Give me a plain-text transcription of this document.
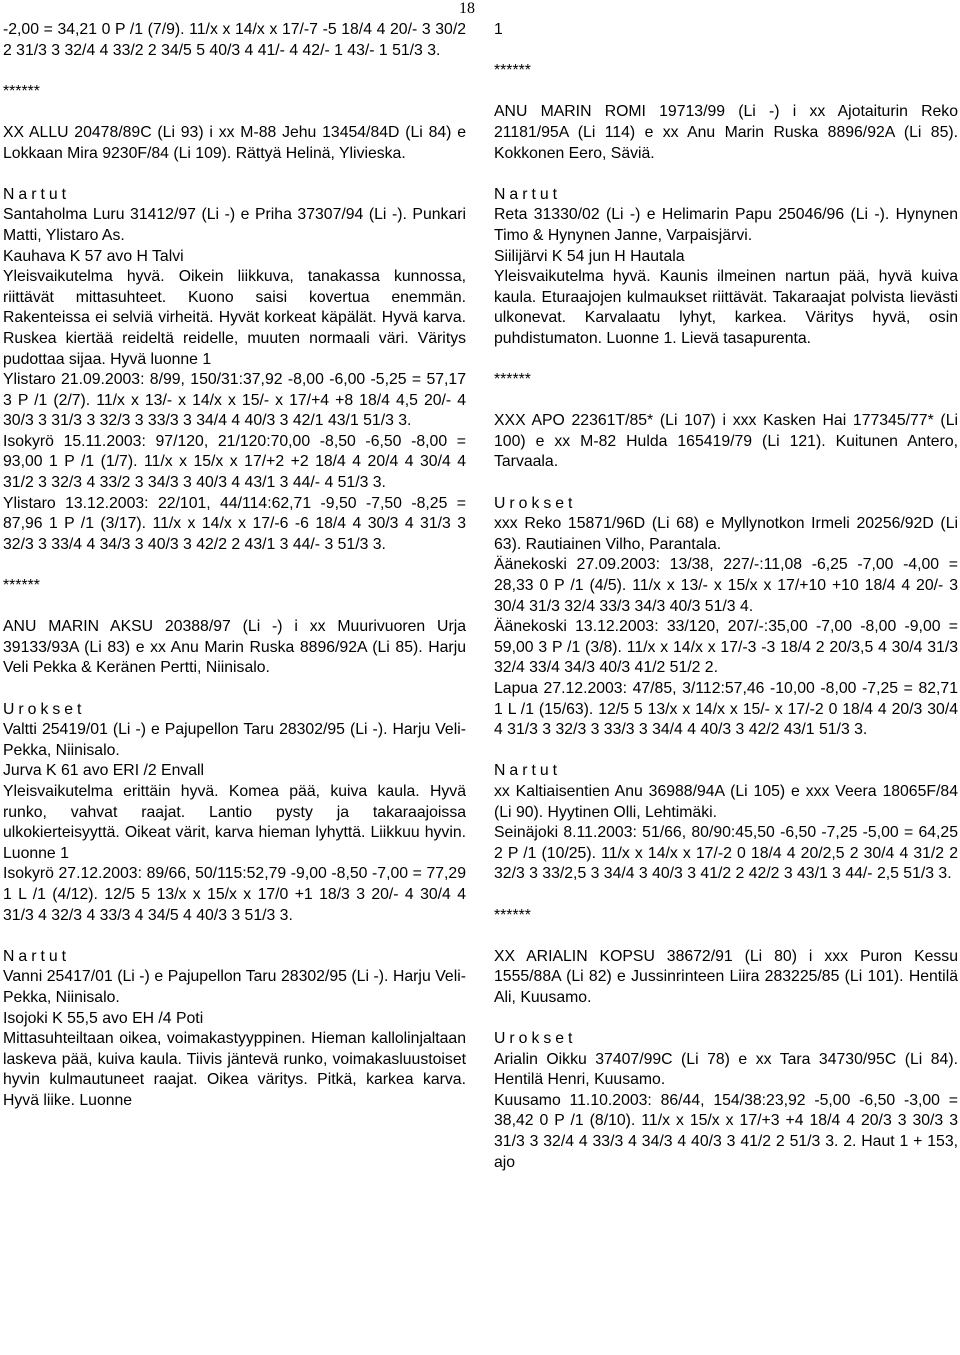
18
-2,00 = 34,21 0 P /1 (7/9). 11/x x 14/x x 17/-7 -5 18/4 4 20/- 3 30/2 2 31/3 3 32/4 4 33/2 2 34/5 5 40/3 4 41/- 4 42/- 1 43/- 1 51/3 3.
******
XX ALLU 20478/89C (Li 93) i xx M-88 Jehu 13454/84D (Li 84) e Lokkaan Mira 9230F/84 (Li 109). Rättyä Helinä, Ylivieska.
Nartut
Santaholma Luru 31412/97 (Li -) e Priha 37307/94 (Li -). Punkari Matti, Ylistaro As.
Kauhava K 57 avo H Talvi
Yleisvaikutelma hyvä. Oikein liikkuva, tanakassa kunnossa, riittävät mittasuhteet. Kuono saisi kovertua enemmän. Rakenteissa ei selviä virheitä. Hyvät korkeat käpälät. Hyvä karva. Ruskea kiertää reideltä reidelle, muuten normaali väri. Väritys pudottaa sijaa. Hyvä luonne 1
Ylistaro 21.09.2003: 8/99, 150/31:37,92 -8,00 -6,00 -5,25 = 57,17 3 P /1 (2/7). 11/x x 13/- x 14/x x 15/- x 17/+4 +8 18/4 4,5 20/- 4 30/3 3 31/3 3 32/3 3 33/3 3 34/4 4 40/3 3 42/1 43/1 51/3 3.
Isokyrö 15.11.2003: 97/120, 21/120:70,00 -8,50 -6,50 -8,00 = 93,00 1 P /1 (1/7). 11/x x 15/x x 17/+2 +2 18/4 4 20/4 4 30/4 4 31/2 3 32/3 4 33/2 3 34/3 3 40/3 4 43/1 3 44/- 4 51/3 3.
Ylistaro 13.12.2003: 22/101, 44/114:62,71 -9,50 -7,50 -8,25 = 87,96 1 P /1 (3/17). 11/x x 14/x x 17/-6 -6 18/4 4 30/3 4 31/3 3 32/3 3 33/4 4 34/3 3 40/3 3 42/2 2 43/1 3 44/- 3 51/3 3.
******
ANU MARIN AKSU 20388/97 (Li -) i xx Muurivuoren Urja 39133/93A (Li 83) e xx Anu Marin Ruska 8896/92A (Li 85). Harju Veli Pekka & Keränen Pertti, Niinisalo.
Urokset
Valtti 25419/01 (Li -) e Pajupellon Taru 28302/95 (Li -). Harju Veli-Pekka, Niinisalo.
Jurva K 61 avo ERI /2 Envall
Yleisvaikutelma erittäin hyvä. Komea pää, kuiva kaula. Hyvä runko, vahvat raajat. Lantio pysty ja takaraajoissa ulkokierteisyyttä. Oikeat värit, karva hieman lyhyttä. Liikkuu hyvin. Luonne 1
Isokyrö 27.12.2003: 89/66, 50/115:52,79 -9,00 -8,50 -7,00 = 77,29 1 L /1 (4/12). 12/5 5 13/x x 15/x x 17/0 +1 18/3 3 20/- 4 30/4 4 31/3 4 32/3 4 33/3 4 34/5 4 40/3 3 51/3 3.
Nartut
Vanni 25417/01 (Li -) e Pajupellon Taru 28302/95 (Li -). Harju Veli-Pekka, Niinisalo.
Isojoki K 55,5 avo EH /4 Poti
Mittasuhteiltaan oikea, voimakastyyppinen. Hieman kallolinjaltaan laskeva pää, kuiva kaula. Tiivis jäntevä runko, voimakasluustoiset hyvin kulmautuneet raajat. Oikea väritys. Pitkä, karkea karva. Hyvä liike. Luonne
1
******
ANU MARIN ROMI 19713/99 (Li -) i xx Ajotaiturin Reko 21181/95A (Li 114) e xx Anu Marin Ruska 8896/92A (Li 85). Kokkonen Eero, Säviä.
Nartut
Reta 31330/02 (Li -) e Helimarin Papu 25046/96 (Li -). Hynynen Timo & Hynynen Janne, Varpaisjärvi.
Siilijärvi K 54 jun H Hautala
Yleisvaikutelma hyvä. Kaunis ilmeinen nartun pää, hyvä kuiva kaula. Eturaajojen kulmaukset riittävät. Takaraajat polvista lievästi ulkonevat. Karvalaatu lyhyt, karkea. Väritys hyvä, osin puhdistumaton. Luonne 1. Lievä tasapurenta.
******
XXX APO 22361T/85* (Li 107) i xxx Kasken Hai 177345/77* (Li 100) e xx M-82 Hulda 165419/79 (Li 121). Kuitunen Antero, Tarvaala.
Urokset
xxx Reko 15871/96D (Li 68) e Myllynotkon Irmeli 20256/92D (Li 63). Rautiainen Vilho, Parantala.
Äänekoski 27.09.2003: 13/38, 227/-:11,08 -6,25 -7,00 -4,00 = 28,33 0 P /1 (4/5). 11/x x 13/- x 15/x x 17/+10 +10 18/4 4 20/- 3 30/4 31/3 32/4 33/3 34/3 40/3 51/3 4.
Äänekoski 13.12.2003: 33/120, 207/-:35,00 -7,00 -8,00 -9,00 = 59,00 3 P /1 (3/8). 11/x x 14/x x 17/-3 -3 18/4 2 20/3,5 4 30/4 31/3 32/4 33/4 34/3 40/3 41/2 51/2 2.
Lapua 27.12.2003: 47/85, 3/112:57,46 -10,00 -8,00 -7,25 = 82,71 1 L /1 (15/63). 12/5 5 13/x x 14/x x 15/- x 17/-2 0 18/4 4 20/3 30/4 4 31/3 3 32/3 3 33/3 3 34/4 4 40/3 3 42/2 43/1 51/3 3.
Nartut
xx Kaltiaisentien Anu 36988/94A (Li 105) e xxx Veera 18065F/84 (Li 90). Hyytinen Olli, Lehtimäki.
Seinäjoki 8.11.2003: 51/66, 80/90:45,50 -6,50 -7,25 -5,00 = 64,25 2 P /1 (10/25). 11/x x 14/x x 17/-2 0 18/4 4 20/2,5 2 30/4 4 31/2 2 32/3 3 33/2,5 3 34/4 3 40/3 3 41/2 2 42/2 3 43/1 3 44/- 2,5 51/3 3.
******
XX ARIALIN KOPSU 38672/91 (Li 80) i xxx Puron Kessu 1555/88A (Li 82) e Jussinrinteen Liira 283225/85 (Li 101). Hentilä Ali, Kuusamo.
Urokset
Arialin Oikku 37407/99C (Li 78) e xx Tara 34730/95C (Li 84). Hentilä Henri, Kuusamo.
Kuusamo 11.10.2003: 86/44, 154/38:23,92 -5,00 -6,50 -3,00 = 38,42 0 P /1 (8/10). 11/x x 15/x x 17/+3 +4 18/4 4 20/3 3 30/3 3 31/3 3 32/4 4 33/3 4 34/3 4 40/3 3 41/2 2 51/3 3. 2. Haut 1 + 153, ajo
